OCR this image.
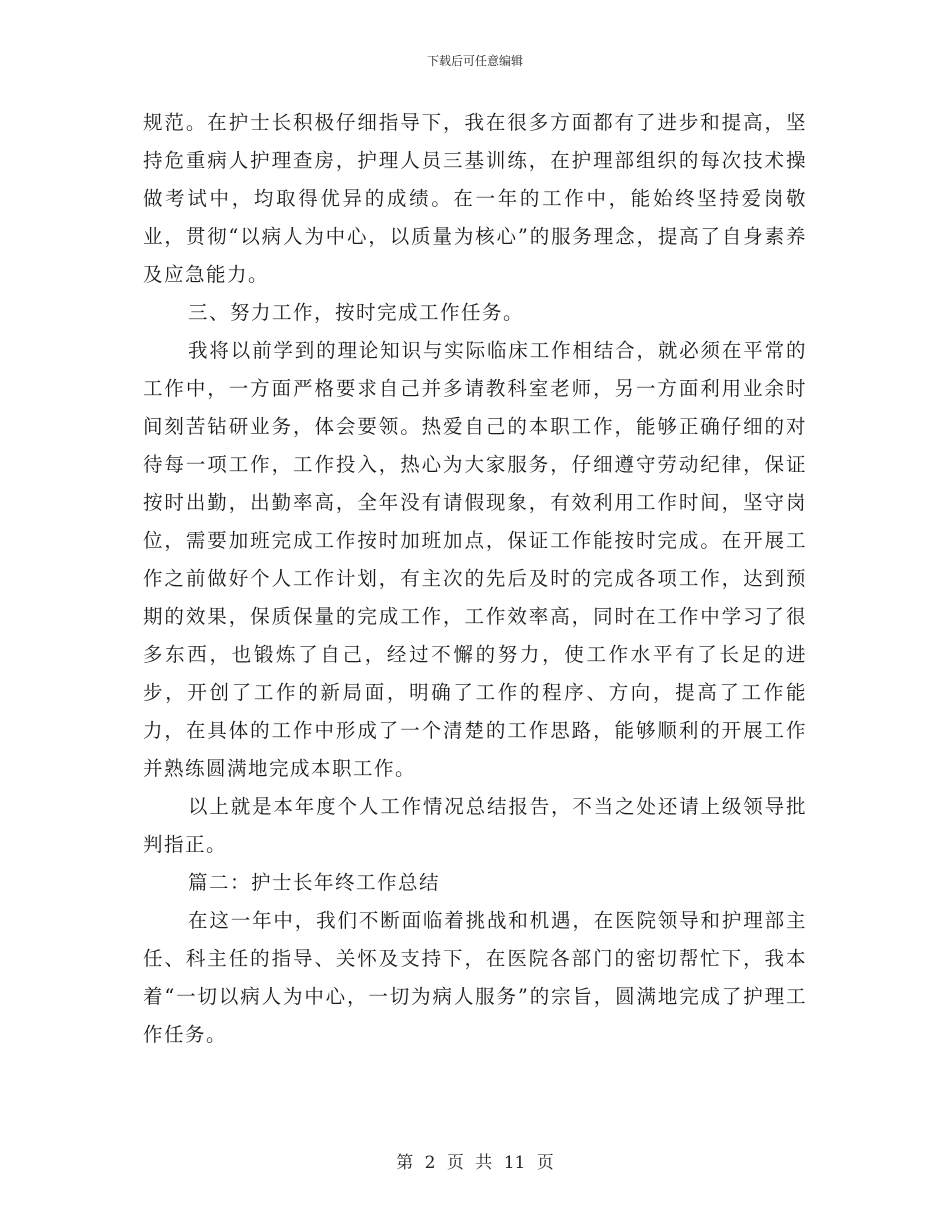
下载后可任意编辑

规范。在护士长积极仔细指导下，我在很多方面都有了进步和提高，坚持危重病人护理查房，护理人员三基训练，在护理部组织的每次技术操做考试中，均取得优异的成绩。在一年的工作中，能始终坚持爱岗敬业，贯彻“以病人为中心，以质量为核心”的服务理念，提高了自身素养及应急能力。

三、努力工作，按时完成工作任务。

我将以前学到的理论知识与实际临床工作相结合，就必须在平常的工作中，一方面严格要求自己并多请教科室老师，另一方面利用业余时间刻苦钻研业务，体会要领。热爱自己的本职工作，能够正确仔细的对待每一项工作，工作投入，热心为大家服务，仔细遵守劳动纪律，保证按时出勤，出勤率高，全年没有请假现象，有效利用工作时间，坚守岗位，需要加班完成工作按时加班加点，保证工作能按时完成。在开展工作之前做好个人工作计划，有主次的先后及时的完成各项工作，达到预期的效果，保质保量的完成工作，工作效率高，同时在工作中学习了很多东西，也锻炼了自己，经过不懈的努力，使工作水平有了长足的进步，开创了工作的新局面，明确了工作的程序、方向，提高了工作能力，在具体的工作中形成了一个清楚的工作思路，能够顺利的开展工作并熟练圆满地完成本职工作。

以上就是本年度个人工作情况总结报告，不当之处还请上级领导批判指正。

篇二：护士长年终工作总结

在这一年中，我们不断面临着挑战和机遇，在医院领导和护理部主任、科主任的指导、关怀及支持下，在医院各部门的密切帮忙下，我本着“一切以病人为中心，一切为病人服务”的宗旨，圆满地完成了护理工作任务。

第 2 页 共 11 页
